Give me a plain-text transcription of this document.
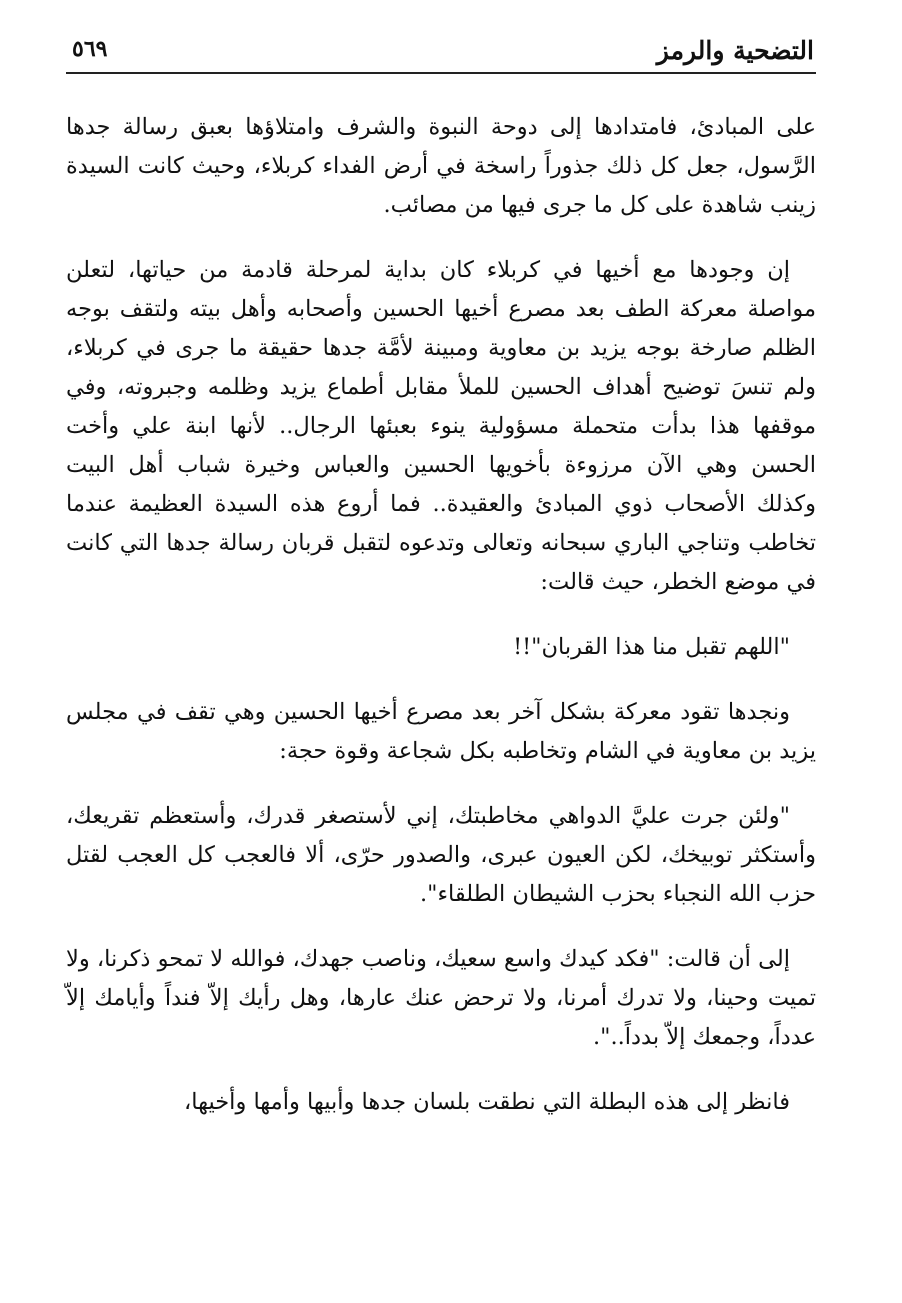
التضحية والرمز
٥٦٩

على المبادئ، فامتدادها إلى دوحة النبوة والشرف وامتلاؤها بعبق رسالة جدها الرَّسول، جعل كل ذلك جذوراً راسخة في أرض الفداء كربلاء، وحيث كانت السيدة زينب شاهدة على كل ما جرى فيها من مصائب.

إن وجودها مع أخيها في كربلاء كان بداية لمرحلة قادمة من حياتها، لتعلن مواصلة معركة الطف بعد مصرع أخيها الحسين وأصحابه وأهل بيته ولتقف بوجه الظلم صارخة بوجه يزيد بن معاوية ومبينة لأمَّة جدها حقيقة ما جرى في كربلاء، ولم تنسَ توضيح أهداف الحسين للملأ مقابل أطماع يزيد وظلمه وجبروته، وفي موقفها هذا بدأت متحملة مسؤولية ينوء بعبئها الرجال.. لأنها ابنة علي وأخت الحسن وهي الآن مرزوءة بأخويها الحسين والعباس وخيرة شباب أهل البيت وكذلك الأصحاب ذوي المبادئ والعقيدة.. فما أروع هذه السيدة العظيمة عندما تخاطب وتناجي الباري سبحانه وتعالى وتدعوه لتقبل قربان رسالة جدها التي كانت في موضع الخطر، حيث قالت:

"اللهم تقبل منا هذا القربان"!!

ونجدها تقود معركة بشكل آخر بعد مصرع أخيها الحسين وهي تقف في مجلس يزيد بن معاوية في الشام وتخاطبه بكل شجاعة وقوة حجة:

"ولئن جرت عليَّ الدواهي مخاطبتك، إني لأستصغر قدرك، وأستعظم تقريعك، وأستكثر توبيخك، لكن العيون عبرى، والصدور حرّى، ألا فالعجب كل العجب لقتل حزب الله النجباء بحزب الشيطان الطلقاء".

إلى أن قالت: "فكد كيدك واسع سعيك، وناصب جهدك، فوالله لا تمحو ذكرنا، ولا تميت وحينا، ولا تدرك أمرنا، ولا ترحض عنك عارها، وهل رأيك إلاّ فنداً وأيامك إلاّ عدداً، وجمعك إلاّ بدداً..".

فانظر إلى هذه البطلة التي نطقت بلسان جدها وأبيها وأمها وأخيها،
